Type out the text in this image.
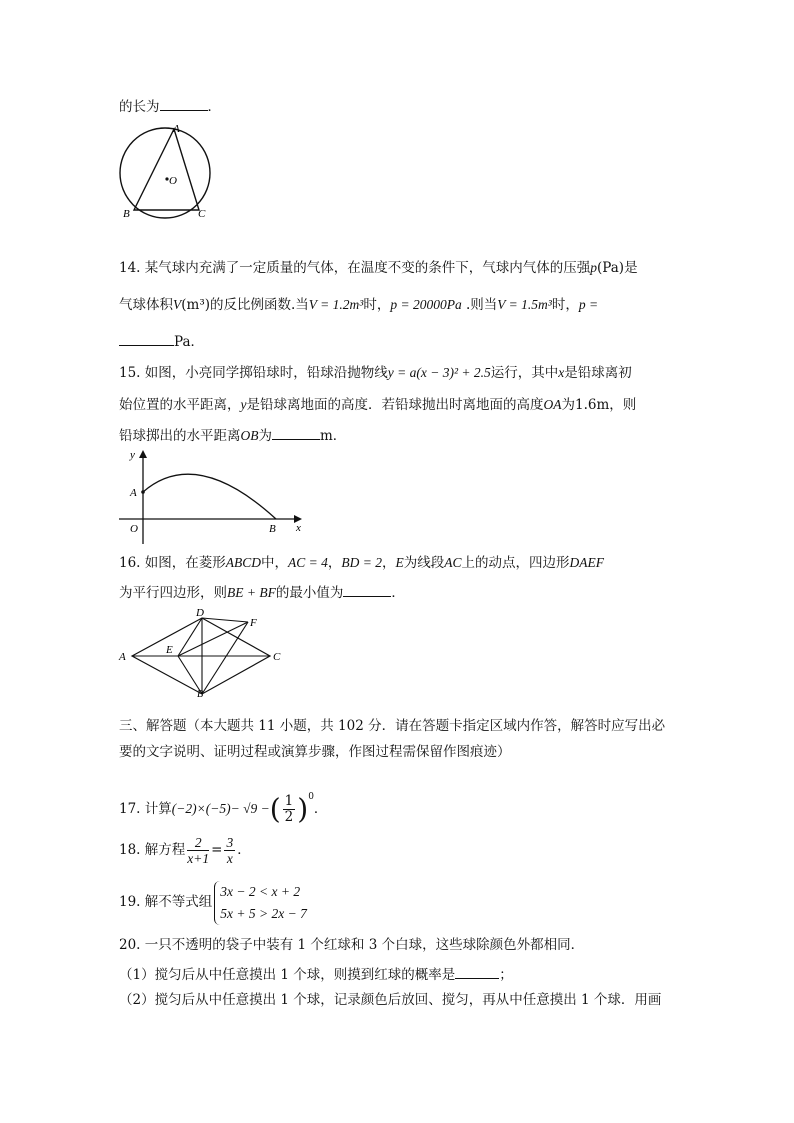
的长为	．
A
O
B	C
14. 某气球内充满了一定质量的气体，在温度不变的条件下，气球内气体的压强p(Pa)是
气球体积V(m³)的反比例函数.当V = 1.2m³时，p = 20000Pa .则当V = 1.5m³时，p =
Pa．
15. 如图，小亮同学掷铅球时，铅球沿抛物线y = a(x − 3)² + 2.5运行，其中x是铅球离初
始位置的水平距离，y是铅球离地面的高度．若铅球抛出时离地面的高度OA为1.6m，则
铅球掷出的水平距离OB为	m．
y
A
O	B x
16. 如图，在菱形ABCD中，AC = 4，BD = 2，E为线段AC上的动点，四边形DAEF
为平行四边形，则BE + BF的最小值为	．
D
F
A
E
C
B
三、解答题（本大题共 11 小题，共 102 分．请在答题卡指定区域内作答，解答时应写出必
要的文字说明、证明过程或演算步骤，作图过程需保留作图痕迹）
17. 计算(−2)×(−5)− √9 −( $\frac{1}{2} )^0$．
18. 解方程 $\frac{2}{x+1} = \frac{3}{x}$ ．
19. 解不等式组
3x − 2 < x + 2
5x + 5 > 2x − 7
20. 一只不透明的袋子中装有 1 个红球和 3 个白球，这些球除颜色外都相同．
（1）搅匀后从中任意摸出 1 个球，则摸到红球的概率是	；
（2）搅匀后从中任意摸出 1 个球，记录颜色后放回、搅匀，再从中任意摸出 1 个球．用画
